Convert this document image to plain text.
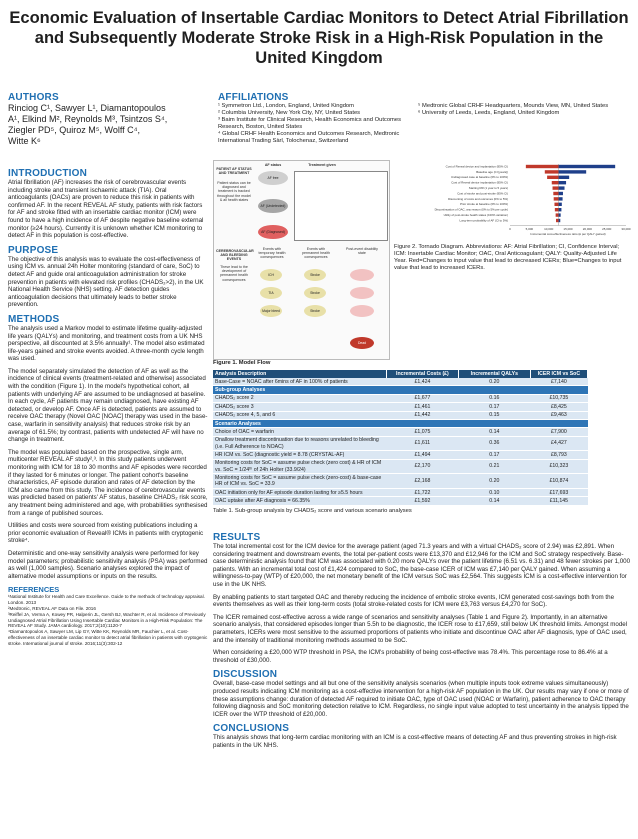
Economic Evaluation of Insertable Cardiac Monitors to Detect Atrial Fibrillation and Subsequently Moderate Stroke Risk in a High-Risk Population in the United Kingdom
AUTHORS
Rinciog C¹, Sawyer L¹, Diamantopoulos
A¹, Elkind M², Reynolds M³, Tsintzos S⁴,
Ziegler PD⁵, Quiroz M⁵, Wolff C⁴,
Witte K⁶
AFFILIATIONS
¹ Symmetron Ltd., London, England, United Kingdom
² Columbia University, New York City, NY, United States
³ Baim Institute for Clinical Research, Health Economics and Outcomes Research, Boston, United States
⁴ Global CRHF Health Economics and Outcomes Research, Medtronic International Trading Sàrl, Tolochenaz, Switzerland
⁵ Medtronic Global CRHF Headquarters, Mounds View, MN, United States
⁶ University of Leeds, Leeds, England, United Kingdom
INTRODUCTION

Atrial fibrillation (AF) increases the risk of cerebrovascular events including stroke and transient ischaemic attack (TIA). Oral anticoagulants (OACs) are proven to reduce this risk in patients with confirmed AF. In the recent REVEAL AF study, patients with risk factors for AF and stroke fitted with an insertable cardiac monitor (ICM) were found to have a high incidence of AF despite negative baseline external monitor (≥24 hours). Currently it is unknown whether ICM monitoring to detect AF in this population is cost-effective.

PURPOSE

The objective of this analysis was to evaluate the cost-effectiveness of using ICM vs. annual 24h Holter monitoring (standard of care, SoC) to detect AF and guide oral anticoagulation administration for stroke prevention in patients with elevated risk profiles (CHADS₂>2), in the UK National Health Service (NHS) setting. AF detection guides anticoagulation decisions that ultimately leads to better stroke prevention.

METHODS

The analysis used a Markov model to estimate lifetime quality-adjusted life years (QALYs) and monitoring, and treatment costs from a UK NHS perspective, all discounted at 3.5% annually¹. The model also estimated life-years gained and stroke events avoided. A three-month cycle length was used.

The model separately simulated the detection of AF as well as the incidence of clinical events (treatment-related and otherwise) associated with the condition (Figure 1). In the model's hypothetical cohort, all patients with underlying AF are assumed to be undiagnosed at baseline. In each cycle, AF patients may remain undiagnosed, have existing AF detected, or develop AF. Once AF is detected, patients are assumed to receive OAC therapy (Novel OAC [NOAC] therapy was used in the base-case, warfarin in sensitivity analysis) that reduces stroke risk by an average of 61.5%; by contrast, patients with undetected AF will have no change in treatment.

The model was populated based on the prospective, single arm, multicenter REVEAL AF study²,³. In this study patients underwent monitoring with ICM for 18 to 30 months and AF episodes were recorded if they lasted for 6 minutes or longer. The patient cohort's baseline characteristics, AF episode duration and rates of AF detection by the ICM also came from this study. The incidence of cerebrovascular events was predicted based on patients' AF status, baseline CHADS₂ risk score, any treatment being administered and age, with probabilities synthesised from a range of published sources.

Utilities and costs were sourced from existing publications including a prior economic evaluation of Reveal® ICMs in patients with cryptogenic stroke⁴.

Deterministic and one-way sensitivity analysis were performed for key model parameters; probabilistic sensitivity analysis (PSA) was performed as well (1,000 samples). Scenario analyses explored the impact of alternative model assumptions or inputs on the results.

REFERENCES
¹National Institute for Health and Care Excellence. Guide to the methods of technology appraisal. London. 2013
²Medtronic, REVEAL AF Data on File. 2016
³Reiffel JA, Verma A, Kowey PR, Halperin JL, Gersh BJ, Wachter R, et al. Incidence of Previously Undiagnosed Atrial Fibrillation Using Insertable Cardiac Monitors in a High-Risk Population: The REVEAL AF Study. JAMA cardiology. 2017;2(10):1120-7
⁴Diamantopoulos A, Sawyer LM, Lip GY, Witte KK, Reynolds MR, Fauchier L, et al. Cost-effectiveness of an insertable cardiac monitor to detect atrial fibrillation in patients with cryptogenic stroke. International journal of stroke. 2016;11(3):302-12
PATIENT AF STATUS AND TREATMENT
Patient status can be diagnosed and treatment is tracked throughout the model & all health states
CEREBROVASCULAR AND BLEEDING EVENTS
These lead to the development of permanent health consequences
AF status	Treatment given
AF free
AF (Undetected)
AF (Diagnosed)
Events with temporary health consequences
Events with permanent health consequences
Post-event disability state
ICH
TIA
Major bleed
Stroke
Stroke
Stroke
Dead
Figure 1. Model Flow
Cost of Reveal device and implantation (95% CI)
Baseline age (CI [years])
Undiagnosed case at baseline (0% to 100%)
Cost of Reveal device implantation (95% CI)
Starting RR (1 year to 5 years)
Cost of stroke and post-stroke (95% CI)
Discounting of costs and outcomes (0% to 5%)
Prior stroke at baseline (0% to 100%)
Discontinuation of OAC, any reason (0% to 5% per cycle)
Utility of post-stroke health states (±20% variation)
Long-term probability of AF (CI to 5%)
0	5,000	10,000	15,000	20,000	25,000	30,000
Incremental cost-effectiveness ratio (£ per QALY gained)
Figure 2. Tornado Diagram. Abbreviations: AF: Atrial Fibrillation; CI, Confidence Interval; ICM: Insertable Cardiac Monitor; OAC, Oral Anticoagulant; QALY: Quality-Adjusted Life Year. Red=Changes to input value that lead to decreased ICERs; Blue=Changes to input value that lead to increased ICERs.
Analysis Description	Incremental Costs (£)	Incremental QALYs	ICER ICM vs SoC
Base-Case = NOAC after 6mins of AF in 100% of patients	£1,424	0.20	£7,140
Sub-group Analyses			
CHADS₂ score 2	£1,677	0.16	£10,735
CHADS₂ score 3	£1,461	0.17	£8,425
CHADS₂ score 4, 5, and 6	£1,442	0.15	£9,463
Scenario Analyses			
Choice of OAC = warfarin	£1,075	0.14	£7,900
Onallow treatment discontinuation due to reasons unrelated to bleeding (i.e. Full Adherence to NOAC)	£1,611	0.36	£4,427
HR ICM vs. SoC (diagnostic yield = 8.78 (CRYSTAL-AF)	£1,494	0.17	£8,793
Monitoring costs for SoC = assume pulse check (zero cost) & HR of ICM vs. SoC = 1/24ᵗʰ of 24h Holter (33.9/24)	£2,170	0.21	£10,323
Monitoring costs for SoC = assume pulse check (zero-cost) & base-case HR of ICM vs. SoC = 33.9	£2,168	0.20	£10,874
OAC initiation only for AF episode duration lasting for ≥5.5 hours	£1,722	0.10	£17,693
OAC uptake after AF diagnosis = 66.35%	£1,592	0.14	£11,145
Table 1. Sub-group analysis by CHADS₂ score and various scenario analyses
RESULTS

The total incremental cost for the ICM device for the average patient (aged 71.3 years and with a virtual CHADS₂ score of 2.94) was £2,891. When considering treatment and downstream events, the total per-patient costs were £13,370 and £12,946 for the ICM and SoC strategy respectively. Base-case deterministic analysis found that ICM was associated with 0.20 more QALYs over the patient lifetime (6.51 vs. 6.31) and 48 fewer strokes per 1,000 patients. With an incremental total cost of £1,424 compared to SoC, the base-case ICER of ICM was £7,140 per QALY gained. When assuming a willingness-to-pay (WTP) of £20,000, the net monetary benefit of the ICM versus SoC was £2,564. This suggests ICM is a cost-effective intervention for use in the UK NHS.

By enabling patients to start targeted OAC and thereby reducing the incidence of embolic stroke events, ICM generated cost-savings both from the events themselves as well as their long-term costs (total stroke-related costs for ICM were £3,763 versus £4,270 for SoC).

The ICER remained cost-effective across a wide range of scenarios and sensitivity analyses (Table 1 and Figure 2). Importantly, in an alternative scenario analysis, that considered episodes longer than 5.5h to be diagnostic, the ICER rose to £17,659, still below UK threshold limits. Amongst model parameters, ICERs were most sensitive to the assumed proportions of patients who initiate and discontinue OAC after AF diagnosis, type of OAC used, and the intensity of traditional monitoring methods assumed to be SoC.

When considering a £20,000 WTP threshold in PSA, the ICM's probability of being cost-effective was 78.4%. This percentage rose to 86.4% at a threshold of £30,000.

DISCUSSION

Overall, base-case model settings and all but one of the sensitivity analysis scenarios (when multiple inputs took extreme values simultaneously) produced results indicating ICM monitoring as a cost-effective intervention for a high-risk AF population in the UK. Our results may vary if one or more of these assumptions change: duration of detected AF required to initiate OAC, type of OAC used (NOAC or Warfarin), patient adherence to OAC therapy following diagnosis and SoC monitoring detection relative to ICM. Regardless, no single input value adopted to test uncertainty in the analysis tipped the ICER over the WTP threshold of £20,000.

CONCLUSIONS

This analysis shows that long-term cardiac monitoring with an ICM is a cost-effective means of detecting AF and thus preventing strokes in high-risk patients in the UK NHS.
